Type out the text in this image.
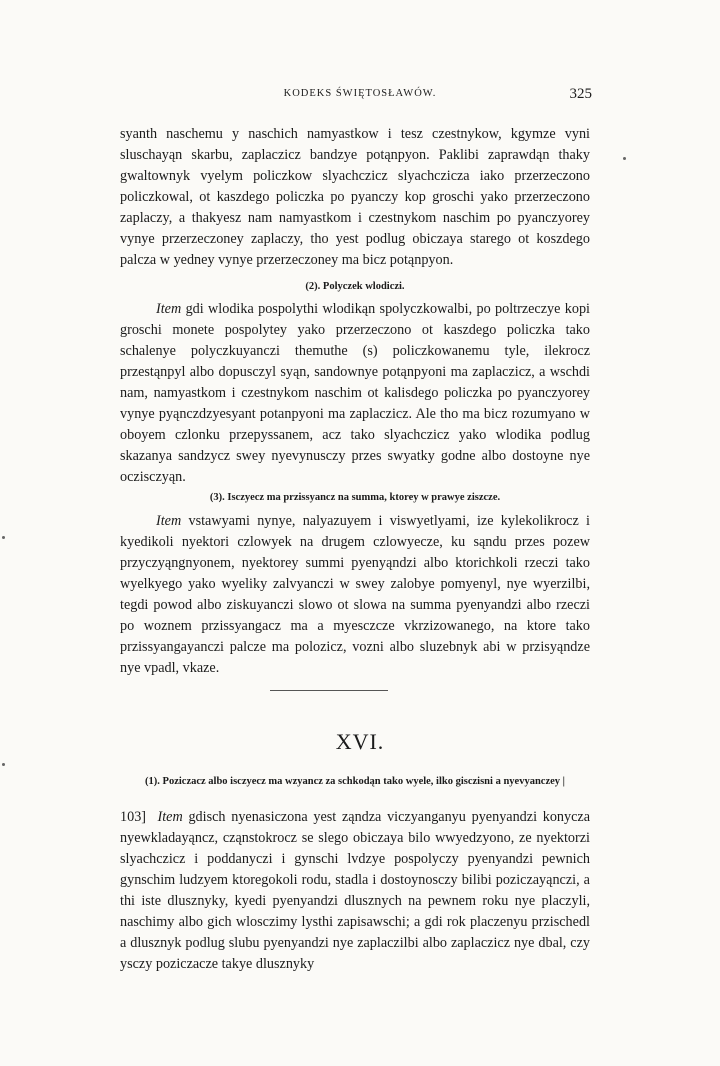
KODEKS ŚWIĘTOSŁAWÓW.	325

syanth naschemu y naschich namyastkow i tesz czestnykow, kgymze vyni sluschayąn skarbu, zaplaczicz bandzye potąnpyon. Paklibi zaprawdąn thaky gwaltownyk vyelym policzkow slyachczicz slyachczicza iako przerzeczono policzkowal, ot kaszdego policzka po pyanczy kop groschi yako przerzeczono zaplaczy, a thakyesz nam namyastkom i czestnykom naschim po pyanczyorey vynye przerzeczoney zaplaczy, tho yest podlug obiczaya starego ot koszdego palcza w yedney vynye przerzeczoney ma bicz potąnpyon.

(2). Polyczek wlodiczi.

Item gdi wlodika pospolythi wlodikąn spolyczkowalbi, po poltrzeczye kopi groschi monete pospolytey yako przerzeczono ot kaszdego policzka tako schalenye polyczkuyanczi themuthe (s) policzkowanemu tyle, ilekrocz przestąnpyl albo dopusczyl syąn, sandownye potąnpyoni ma zaplaczicz, a wschdi nam, namyastkom i czestnykom naschim ot kalisdego policzka po pyanczyorey vynye pyąnczdzyesyant potanpyoni ma zaplaczicz. Ale tho ma bicz rozumyano w oboyem czlonku przepyssanem, acz tako slyachczicz yako wlodika podlug skazanya sandzycz swey nyevynusczy przes swyatky godne albo dostoyne nye oczisczyąn.

(3). Isczyecz ma przissyancz na summa, ktorey w prawye ziszcze.

Item vstawyami nynye, nalyazuyem i viswyetlyami, ize kylekolikrocz i kyedikoli nyektori czlowyek na drugem czlowyecze, ku sąndu przes pozew przyczyąngnyonem, nyektorey summi pyenyąndzi albo ktorichkoli rzeczi tako wyelkyego yako wyeliky zalvyanczi w swey zalobye pomyenyl, nye wyerzilbi, tegdi powod albo ziskuyanczi slowo ot slowa na summa pyenyandzi albo rzeczi po woznem przissyangacz ma a myesczcze vkrzizowanego, na ktore tako przissyangayanczi palcze ma polozicz, vozni albo sluzebnyk abi w przisyąndze nye vpadl, vkaze.

XVI.
(1). Poziczacz albo isczyecz ma wzyancz za schkodąn tako wyele, ilko gisczisni a nyevyanczey |

103] Item gdisch nyenasiczona yest ząndza viczyanganyu pyenyandzi konycza nyewkladayąncz, cząnstokrocz se slego obiczaya bilo wwyedzyono, ze nyektorzi slyachczicz i poddanyczi i gynschi lvdzye pospolyczy pyenyandzi pewnich gynschim ludzyem ktoregokoli rodu, stadla i dostoynosczy bilibi poziczayąnczi, a thi iste dlusznyky, kyedi pyenyandzi dlusznych na pewnem roku nye placzyli, naschimy albo gich wlosczimy lysthi zapisawschi; a gdi rok placzenyu przischedl a dlusznyk podlug slubu pyenyandzi nye zaplaczilbi albo zaplaczicz nye dbal, czy ysczy poziczacze takye dlusznyky
